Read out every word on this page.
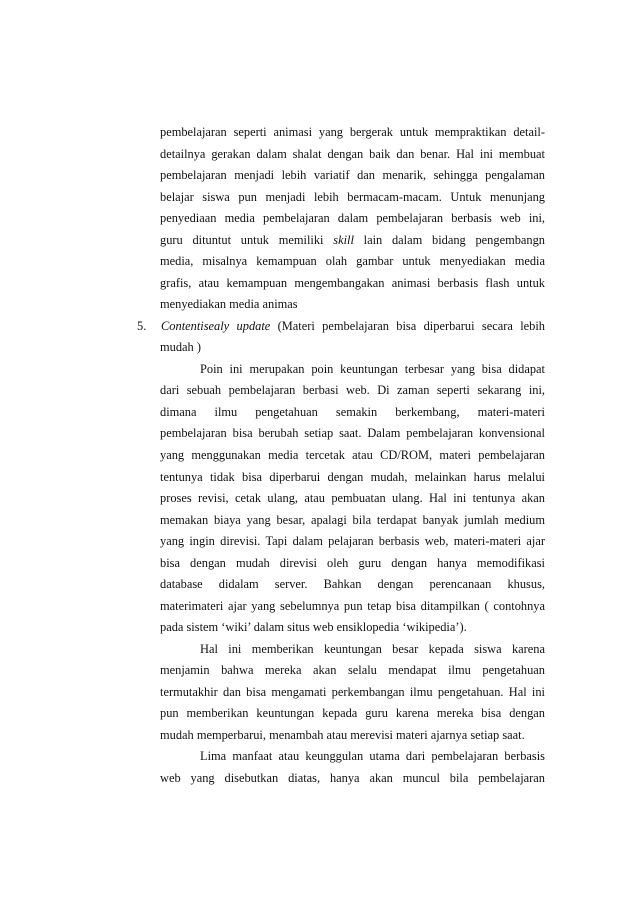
pembelajaran seperti animasi yang bergerak untuk mempraktikan detail-
detailnya gerakan dalam shalat dengan baik dan benar. Hal ini membuat
pembelajaran menjadi lebih variatif dan menarik, sehingga pengalaman
belajar siswa pun menjadi lebih bermacam-macam. Untuk menunjang
penyediaan media pembelajaran dalam pembelajaran berbasis web ini,
guru dituntut untuk memiliki skill lain dalam bidang pengembangn
media, misalnya kemampuan olah gambar untuk menyediakan media
grafis, atau kemampuan mengembangakan animasi berbasis flash untuk
menyediakan media animas
5. Contentisealy update (Materi pembelajaran bisa diperbarui secara lebih
mudah )
Poin ini merupakan poin keuntungan terbesar yang bisa didapat
dari sebuah pembelajaran berbasi web. Di zaman seperti sekarang ini,
dimana ilmu pengetahuan semakin berkembang, materi-materi
pembelajaran bisa berubah setiap saat. Dalam pembelajaran konvensional
yang menggunakan media tercetak atau CD/ROM, materi pembelajaran
tentunya tidak bisa diperbarui dengan mudah, melainkan harus melalui
proses revisi, cetak ulang, atau pembuatan ulang. Hal ini tentunya akan
memakan biaya yang besar, apalagi bila terdapat banyak jumlah medium
yang ingin direvisi. Tapi dalam pelajaran berbasis web, materi-materi ajar
bisa dengan mudah direvisi oleh guru dengan hanya memodifikasi
database didalam server. Bahkan dengan perencanaan khusus,
materimateri ajar yang sebelumnya pun tetap bisa ditampilkan ( contohnya
pada sistem ‘wiki’ dalam situs web ensiklopedia ‘wikipedia’).
Hal ini memberikan keuntungan besar kepada siswa karena
menjamin bahwa mereka akan selalu mendapat ilmu pengetahuan
termutakhir dan bisa mengamati perkembangan ilmu pengetahuan. Hal ini
pun memberikan keuntungan kepada guru karena mereka bisa dengan
mudah memperbarui, menambah atau merevisi materi ajarnya setiap saat.
Lima manfaat atau keunggulan utama dari pembelajaran berbasis
web yang disebutkan diatas, hanya akan muncul bila pembelajaran
